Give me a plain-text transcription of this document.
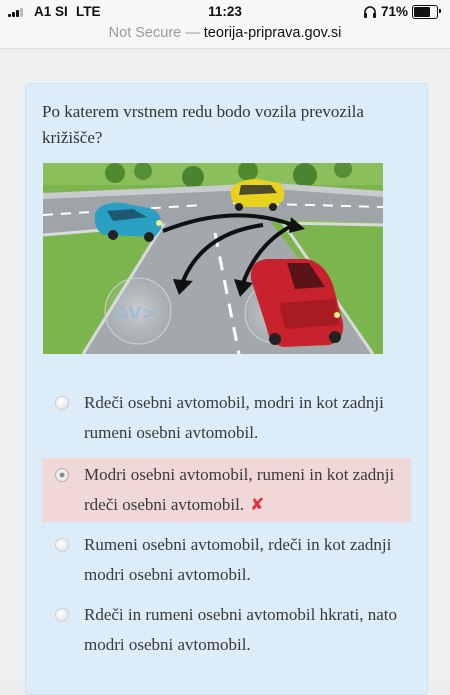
A1 SI LTE	11:23	71%
Not Secure — teorija-priprava.gov.si
Po katerem vrstnem redu bodo vozila prevozila križišče?
AV>
Rdeči osebni avtomobil, modri in kot zadnji rumeni osebni avtomobil.
Modri osebni avtomobil, rumeni in kot zadnji rdeči osebni avtomobil. ✘
Rumeni osebni avtomobil, rdeči in kot zadnji modri osebni avtomobil.
Rdeči in rumeni osebni avtomobil hkrati, nato modri osebni avtomobil.
